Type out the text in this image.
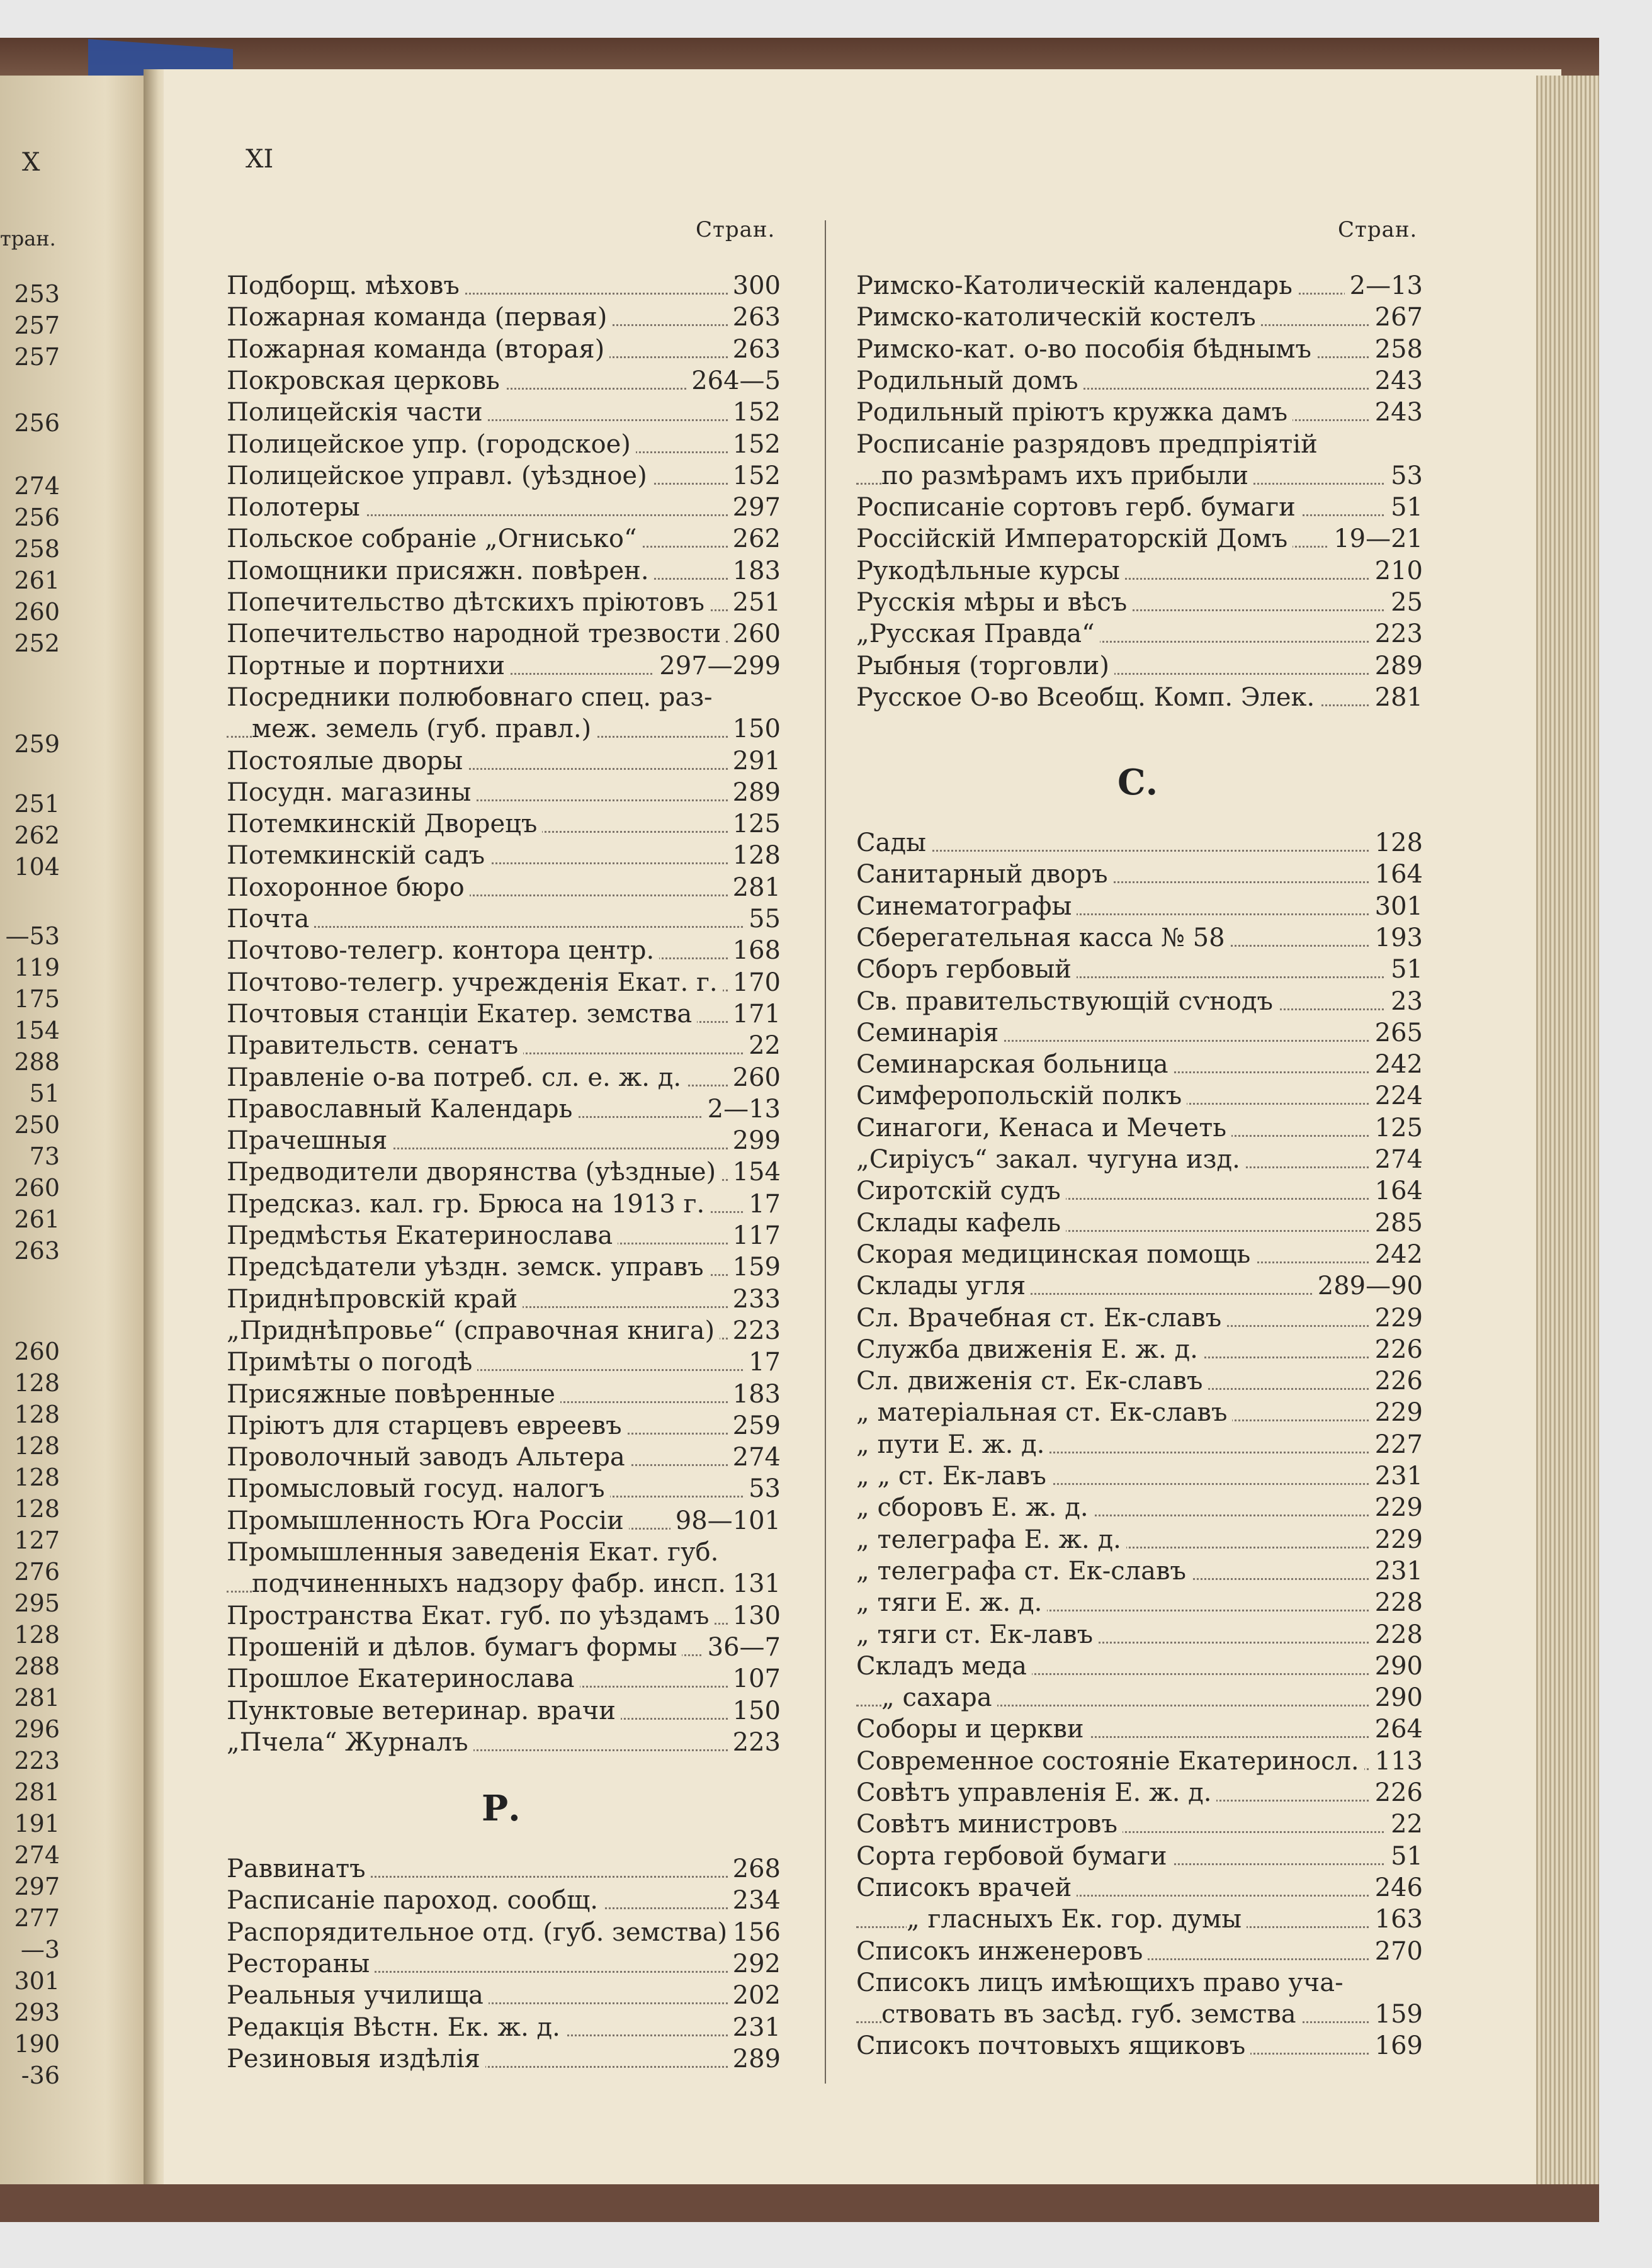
X
тран.
253
257
257
256
274
256
258
261
260
252
259
251
262
104
—53
119
175
154
288
51
250
73
260
261
263
260
128
128
128
128
128
127
276
295
128
288
281
296
223
281
191
274
297
277
—3
301
293
190
-36
XI
Стран.	Стран.
Подборщ. мѣховъ	300
Пожарная команда (первая)	263
Пожарная команда (вторая)	263
Покровская церковь	264—5
Полицейскія части	152
Полицейское упр. (городское)	152
Полицейское управл. (уѣздное)	152
Полотеры	297
Польское собраніе „Огнисько“	262
Помощники присяжн. повѣрен.	183
Попечительство дѣтскихъ пріютовъ 251
Попечительство народной трезвости 260
Портные и портнихи	297—299
Посредники полюбовнаго спец. раз-
меж. земель (губ. правл.)	150
Постоялые дворы	291
Посудн. магазины	289
Потемкинскій Дворецъ	125
Потемкинскій садъ	128
Похоронное бюро	281
Почта	55
Почтово-телегр. контора центр.	168
Почтово-телегр. учрежденія Екат. г. 170
Почтовыя станціи Екатер. земства 171
Правительств. сенатъ	22
Правленіе о-ва потреб. сл. е. ж. д. 260
Православный Календарь	2—13
Прачешныя	299
Предводители дворянства (уѣздные) 154
Предсказ. кал. гр. Брюса на 1913 г. 17
Предмѣстья Екатеринослава	117
Предсѣдатели уѣздн. земск. управъ 159
Приднѣпровскій край	233
„Приднѣпровье“ (справочная книга) 223
Примѣты о погодѣ	17
Присяжные повѣренные	183
Пріютъ для старцевъ евреевъ	259
Проволочный заводъ Альтера	274
Промысловый госуд. налогъ	53
Промышленность Юга Россіи 98—101
Промышленныя заведенія Екат. губ.
подчиненныхъ надзору фабр. инсп. 131
Пространства Екат. губ. по уѣздамъ 130
Прошеній и дѣлов. бумагъ формы 36—7
Прошлое Екатеринослава	107
Пунктовые ветеринар. врачи	150
„Пчела“ Журналъ	223
Раввинатъ	268
Расписаніе пароход. сообщ.	234
Распорядительное отд. (губ. земства) 156
Рестораны	292
Реальныя училища	202
Редакція Вѣстн. Ек. ж. д.	231
Резиновыя издѣлія	289
Римско-Католическій календарь 2—13
Римско-католическій костелъ	267
Римско-кат. о-во пособія бѣднымъ	258
Родильный домъ	243
Родильный пріютъ кружка дамъ	243
Росписаніе разрядовъ предпріятій
по размѣрамъ ихъ прибыли	53
Росписаніе сортовъ герб. бумаги	51
Россійскій Императорскій Домъ 19—21
Рукодѣльные курсы	210
Русскія мѣры и вѣсъ	25
„Русская Правда“	223
Рыбныя (торговли)	289
Русское О-во Всеобщ. Комп. Элек. 281
Сады	128
Санитарный дворъ	164
Синематографы	301
Сберегательная касса № 58	193
Сборъ гербовый	51
Св. правительствующій сѵнодъ	23
Семинарія	265
Семинарская больница	242
Симферопольскій полкъ	224
Синагоги, Кенаса и Мечеть	125
„Сиріусъ“ закал. чугуна изд.	274
Сиротскій судъ	164
Склады кафель	285
Скорая медицинская помощь	242
Склады угля	289—90
Сл. Врачебная ст. Ек-славъ	229
Служба движенія Е. ж. д.	226
Сл. движенія ст. Ек-славъ	226
„ матеріальная ст. Ек-славъ	229
„ пути Е. ж. д.	227
„ „ ст. Ек-лавъ	231
„ сборовъ Е. ж. д.	229
„ телеграфа Е. ж. д.	229
„ телеграфа ст. Ек-славъ	231
„ тяги Е. ж. д.	228
„ тяги ст. Ек-лавъ	228
Складъ меда	290
„ сахара	290
Соборы и церкви	264
Современное состояніе Екатериносл. 113
Совѣтъ управленія Е. ж. д.	226
Совѣтъ министровъ	22
Сорта гербовой бумаги	51
Списокъ врачей	246
„ гласныхъ Ек. гор. думы	163
Списокъ инженеровъ	270
Списокъ лицъ имѣющихъ право уча-
ствовать въ засѣд. губ. земства	159
Списокъ почтовыхъ ящиковъ	169
Р.
С.
